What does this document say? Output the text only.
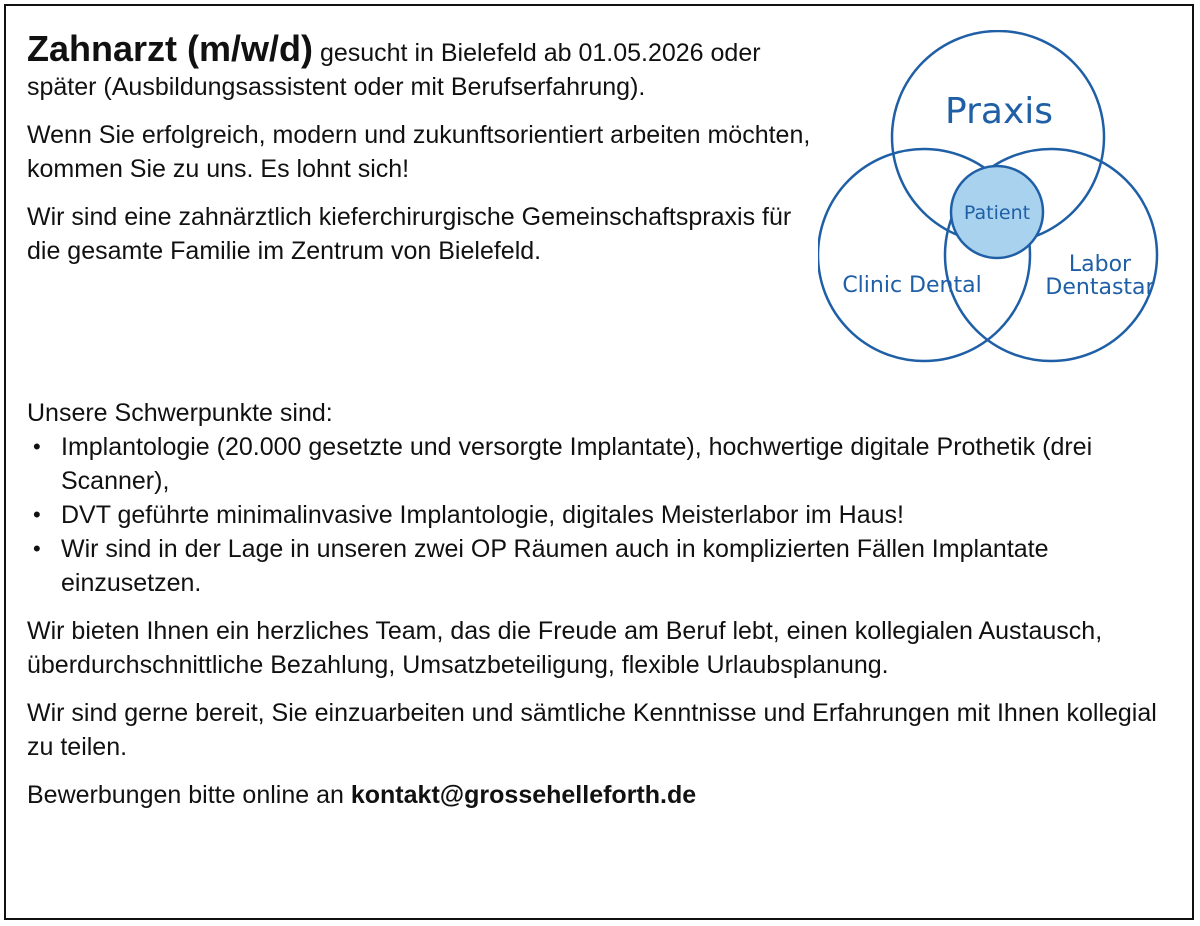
Zahnarzt (m/w/d) gesucht in Bielefeld ab 01.05.2026 oder später (Ausbildungsassistent oder mit Berufserfahrung).

Wenn Sie erfolgreich, modern und zukunftsorientiert arbeiten möchten, kommen Sie zu uns. Es lohnt sich!

Wir sind eine zahnärztlich kieferchirurgische Gemeinschaftspraxis für die gesamte Familie im Zentrum von Bielefeld.

Praxis
Patient
Clinic Dental
Labor
Dentastar

Unsere Schwerpunkte sind:

• Implantologie (20.000 gesetzte und versorgte Implantate), hochwertige digitale Prothetik (drei Scanner),
• DVT geführte minimalinvasive Implantologie, digitales Meisterlabor im Haus!
• Wir sind in der Lage in unseren zwei OP Räumen auch in komplizierten Fällen Implantate einzusetzen.

Wir bieten Ihnen ein herzliches Team, das die Freude am Beruf lebt, einen kollegialen Austausch, überdurchschnittliche Bezahlung, Umsatzbeteiligung, flexible Urlaubsplanung.

Wir sind gerne bereit, Sie einzuarbeiten und sämtliche Kenntnisse und Erfahrungen mit Ihnen kollegial zu teilen.

Bewerbungen bitte online an kontakt@grossehelleforth.de
